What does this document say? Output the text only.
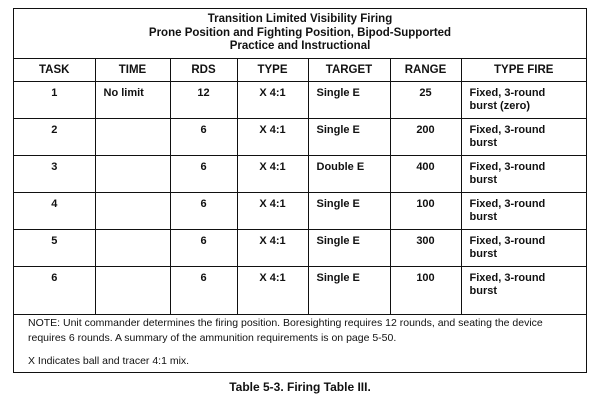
Transition Limited Visibility Firing
Prone Position and Fighting Position, Bipod-Supported
Practice and Instructional
TASK	TIME	RDS	TYPE	TARGET	RANGE	TYPE FIRE
1	No limit	12	X 4:1	Single E	25	Fixed, 3-round
burst (zero)

2		6	X 4:1	Single E	200	Fixed, 3-round
burst

3		6	X 4:1	Double E	400	Fixed, 3-round
burst

4		6	X 4:1	Single E	100	Fixed, 3-round
burst

5		6	X 4:1	Single E	300	Fixed, 3-round
burst

6		6	X 4:1	Single E	100	Fixed, 3-round
burst

NOTE: Unit commander determines the firing position. Boresighting requires 12 rounds, and seating the device requires 6 rounds. A summary of the ammunition requirements is on page 5-50.

X Indicates ball and tracer 4:1 mix.
Table 5-3. Firing Table III.
